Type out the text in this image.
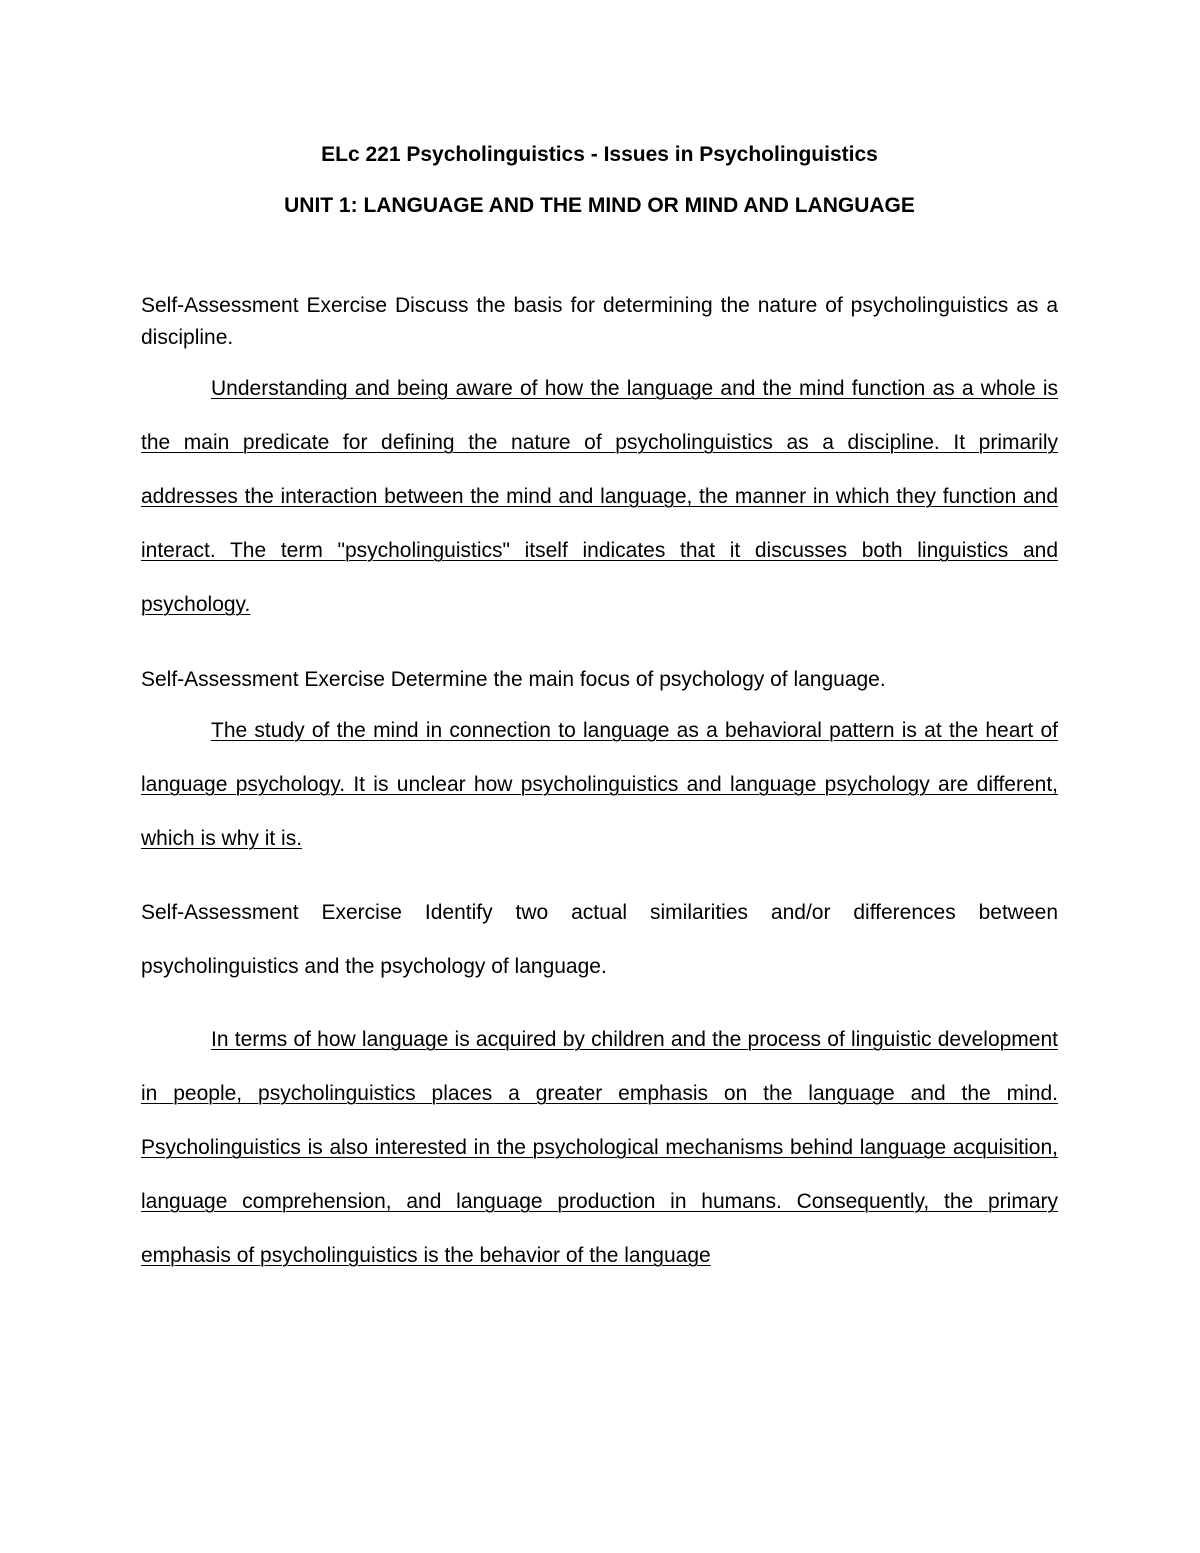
ELc 221 Psycholinguistics - Issues in Psycholinguistics
UNIT 1: LANGUAGE AND THE MIND OR MIND AND LANGUAGE

Self-Assessment Exercise Discuss the basis for determining the nature of psycholinguistics as a discipline.

Understanding and being aware of how the language and the mind function as a whole is the main predicate for defining the nature of psycholinguistics as a discipline. It primarily addresses the interaction between the mind and language, the manner in which they function and interact. The term "psycholinguistics" itself indicates that it discusses both linguistics and psychology.

Self-Assessment Exercise Determine the main focus of psychology of language.

The study of the mind in connection to language as a behavioral pattern is at the heart of language psychology. It is unclear how psycholinguistics and language psychology are different, which is why it is.

Self-Assessment Exercise Identify two actual similarities and/or differences between psycholinguistics and the psychology of language.

In terms of how language is acquired by children and the process of linguistic development in people, psycholinguistics places a greater emphasis on the language and the mind. Psycholinguistics is also interested in the psychological mechanisms behind language acquisition, language comprehension, and language production in humans. Consequently, the primary emphasis of psycholinguistics is the behavior of the language
